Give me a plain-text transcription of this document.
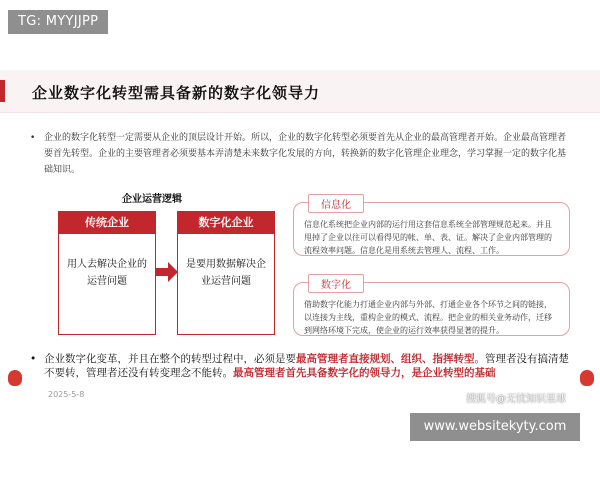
TG: MYYJJPP
企业数字化转型需具备新的数字化领导力
• 企业的数字化转型一定需要从企业的顶层设计开始。所以，企业的数字化转型必须要首先从企业的最高管理者开始。企业最高管理者要首先转型。企业的主要管理者必须要基本弄清楚未来数字化发展的方向，转换新的数字化管理企业理念，学习掌握一定的数字化基础知识。
企业运营逻辑
传统企业
用人去解决企业的运营问题
数字化企业
是要用数据解决企业运营问题
信息化
信息化系统把企业内部的运行用这套信息系统全部管理规范起来。并且甩掉了企业以往可以看得见的帐、单、表、证。解决了企业内部管理的流程效率问题。信息化是用系统去管理人、流程、工作。
数字化
借助数字化能力打通企业内部与外部、打通企业各个环节之间的链接，以连接为主线，重构企业的模式、流程。把企业的相关业务动作，迁移到网络环境下完成，使企业的运行效率获得显著的提升。
• 企业数字化变革，并且在整个的转型过程中，必须是要最高管理者直接规划、组织、指挥转型。管理者没有搞清楚不要转，管理者还没有转变理念不能转。最高管理者首先具备数字化的领导力，是企业转型的基础
2025-5-8	搜狐号@无忧知识星球
www.websitekyty.com
